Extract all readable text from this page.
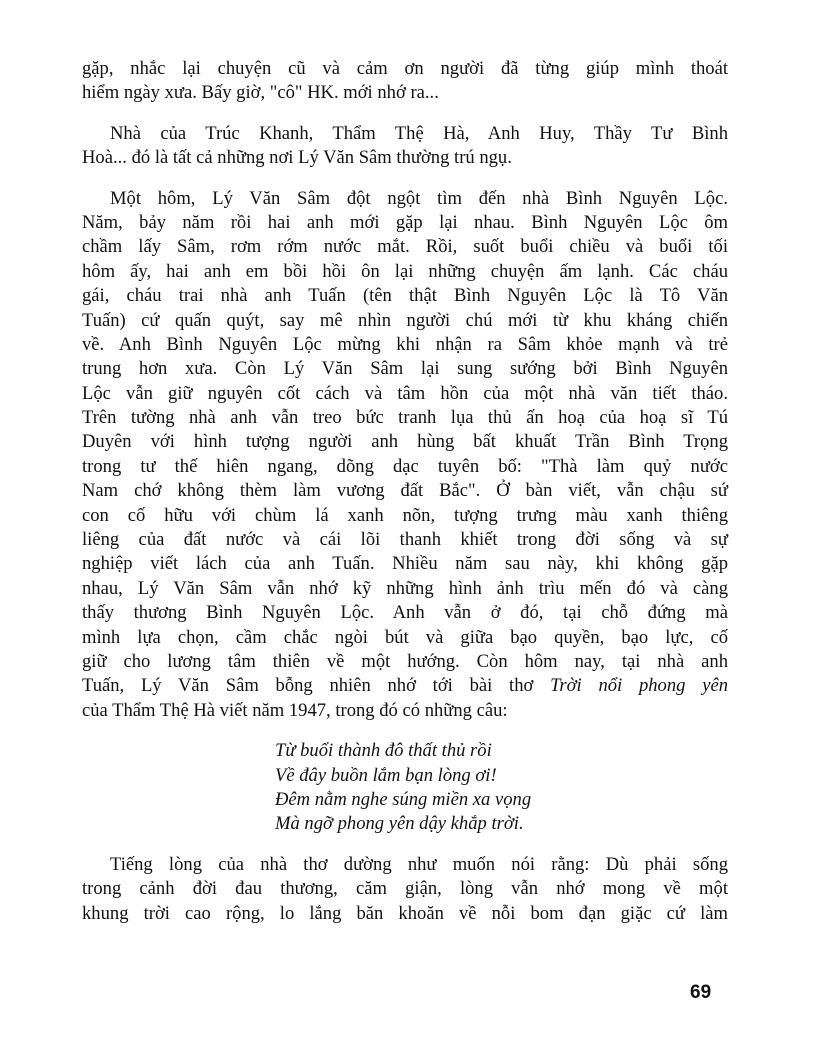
gặp, nhắc lại chuyện cũ và cảm ơn người đã từng giúp mình thoát
hiểm ngày xưa. Bấy giờ, "cô" HK. mới nhớ ra...
Nhà của Trúc Khanh, Thẩm Thệ Hà, Anh Huy, Thầy Tư Bình
Hoà... đó là tất cả những nơi Lý Văn Sâm thường trú ngụ.
Một hôm, Lý Văn Sâm đột ngột tìm đến nhà Bình Nguyên Lộc.
Năm, bảy năm rồi hai anh mới gặp lại nhau. Bình Nguyên Lộc ôm
chầm lấy Sâm, rơm rớm nước mắt. Rồi, suốt buổi chiều và buổi tối
hôm ấy, hai anh em bồi hồi ôn lại những chuyện ấm lạnh. Các cháu
gái, cháu trai nhà anh Tuấn (tên thật Bình Nguyên Lộc là Tô Văn
Tuấn) cứ quấn quýt, say mê nhìn người chú mới từ khu kháng chiến
về. Anh Bình Nguyên Lộc mừng khi nhận ra Sâm khỏe mạnh và trẻ
trung hơn xưa. Còn Lý Văn Sâm lại sung sướng bởi Bình Nguyên
Lộc vẫn giữ nguyên cốt cách và tâm hồn của một nhà văn tiết tháo.
Trên tường nhà anh vẫn treo bức tranh lụa thủ ấn hoạ của hoạ sĩ Tú
Duyên với hình tượng người anh hùng bất khuất Trần Bình Trọng
trong tư thế hiên ngang, dõng dạc tuyên bố: "Thà làm quỷ nước
Nam chớ không thèm làm vương đất Bắc". Ở bàn viết, vẫn chậu sứ
con cố hữu với chùm lá xanh nõn, tượng trưng màu xanh thiêng
liêng của đất nước và cái lõi thanh khiết trong đời sống và sự
nghiệp viết lách của anh Tuấn. Nhiều năm sau này, khi không gặp
nhau, Lý Văn Sâm vẫn nhớ kỹ những hình ảnh trìu mến đó và càng
thấy thương Bình Nguyên Lộc. Anh vẫn ở đó, tại chỗ đứng mà
mình lựa chọn, cầm chắc ngòi bút và giữa bạo quyền, bạo lực, cố
giữ cho lương tâm thiên về một hướng. Còn hôm nay, tại nhà anh
Tuấn, Lý Văn Sâm bỗng nhiên nhớ tới bài thơ Trời nổi phong yên
của Thẩm Thệ Hà viết năm 1947, trong đó có những câu:
Từ buổi thành đô thất thủ rồi
Về đây buồn lắm bạn lòng ơi!
Đêm nằm nghe súng miền xa vọng
Mà ngỡ phong yên dậy khắp trời.
Tiếng lòng của nhà thơ dường như muốn nói rằng: Dù phải sống
trong cảnh đời đau thương, căm giận, lòng vẫn nhớ mong về một
khung trời cao rộng, lo lắng băn khoăn về nỗi bom đạn giặc cứ làm
69
